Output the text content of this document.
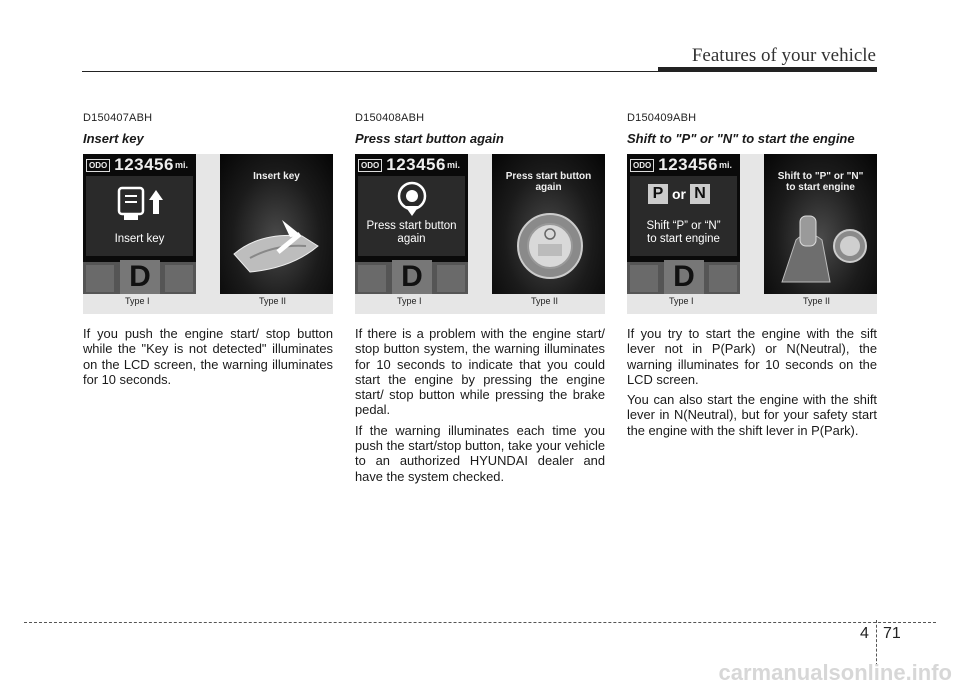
Features of your vehicle
D150407ABH
Insert key
ODO 123456 mi.
Insert key
D
Insert key
Type I	Type II

If you push the engine start/ stop button while the "Key is not detected" illuminates on the LCD screen, the warning illuminates for 10 seconds.

D150408ABH
Press start button again
ODO 123456 mi.
Press start button
again
D
Press start button
again
Type I	Type II

If there is a problem with the engine start/ stop button system, the warning illuminates for 10 seconds to indicate that you could start the engine by pressing the engine start/ stop button while pressing the brake pedal.

If the warning illuminates each time you push the start/stop button, take your vehicle to an authorized HYUNDAI dealer and have the system checked.

D150409ABH
Shift to "P" or "N" to start the engine
ODO 123456 mi.
P or N
Shift “P” or “N”
to start engine
D
Shift to "P" or "N"
to start engine
Type I	Type II

If you try to start the engine with the sift lever not in P(Park) or N(Neutral), the warning illuminates for 10 seconds on the LCD screen.

You can also start the engine with the shift lever in N(Neutral), but for your safety start the engine with the shift lever in P(Park).

4 71
carmanualsonline.info
